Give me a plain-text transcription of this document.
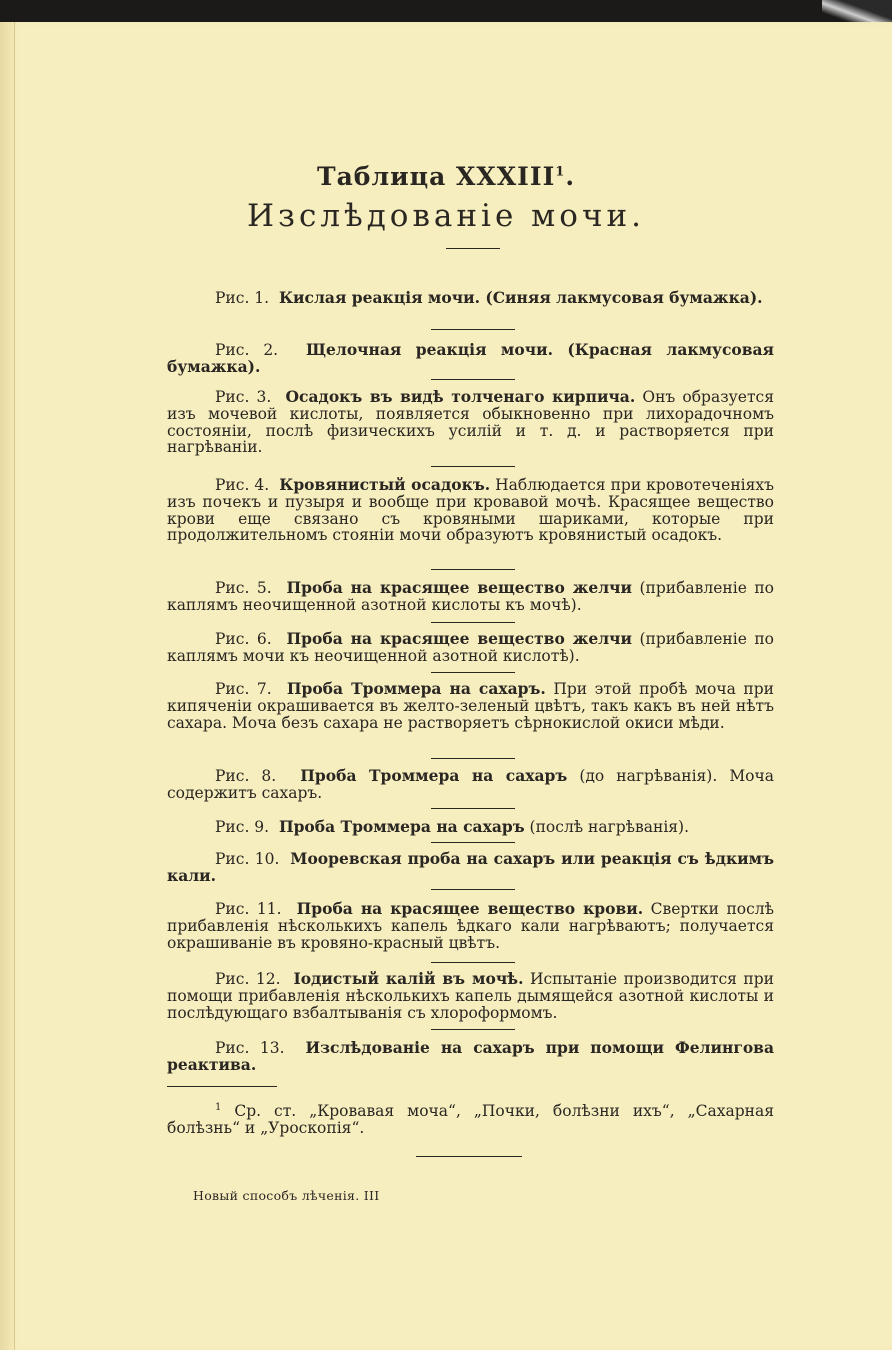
Таблица XXXIII$^1$.
Изслѣдованіе мочи.
Рис. 1. Кислая реакція мочи. (Синяя лакмусовая бумажка).
Рис. 2. Щелочная реакція мочи. (Красная лакмусовая бумажка).
Рис. 3. Осадокъ въ видѣ толченаго кирпича. Онъ образуется изъ мочевой кислоты, появляется обыкновенно при лихорадочномъ состояніи, послѣ физическихъ усилій и т. д. и растворяется при нагрѣваніи.
Рис. 4. Кровянистый осадокъ. Наблюдается при кровотеченіяхъ изъ почекъ и пузыря и вообще при кровавой мочѣ. Красящее вещество крови еще связано съ кровяными шариками, которые при продолжительномъ стояніи мочи образуютъ кровянистый осадокъ.
Рис. 5. Проба на красящее вещество желчи (прибавленіе по каплямъ неочищенной азотной кислоты къ мочѣ).
Рис. 6. Проба на красящее вещество желчи (прибавленіе по каплямъ мочи къ неочищенной азотной кислотѣ).
Рис. 7. Проба Троммера на сахаръ. При этой пробѣ моча при кипяченіи окрашивается въ желто-зеленый цвѣтъ, такъ какъ въ ней нѣтъ сахара. Моча безъ сахара не растворяетъ сѣрнокислой окиси мѣди.
Рис. 8. Проба Троммера на сахаръ (до нагрѣванія). Моча содержитъ сахаръ.
Рис. 9. Проба Троммера на сахаръ (послѣ нагрѣванія).
Рис. 10. Мооревская проба на сахаръ или реакція съ ѣдкимъ кали.
Рис. 11. Проба на красящее вещество крови. Свертки послѣ прибавленія нѣсколькихъ капель ѣдкаго кали нагрѣваютъ; получается окрашиваніе въ кровяно-красный цвѣтъ.
Рис. 12. Іодистый калій въ мочѣ. Испытаніе производится при помощи прибавленія нѣсколькихъ капель дымящейся азотной кислоты и послѣдующаго взбалтыванія съ хлороформомъ.
Рис. 13. Изслѣдованіе на сахаръ при помощи Фелингова реактива.
$^1$ Ср. ст. „Кровавая моча“, „Почки, болѣзни ихъ“, „Сахарная болѣзнь“ и „Уроскопія“.
Новый способъ лѣченія. III
